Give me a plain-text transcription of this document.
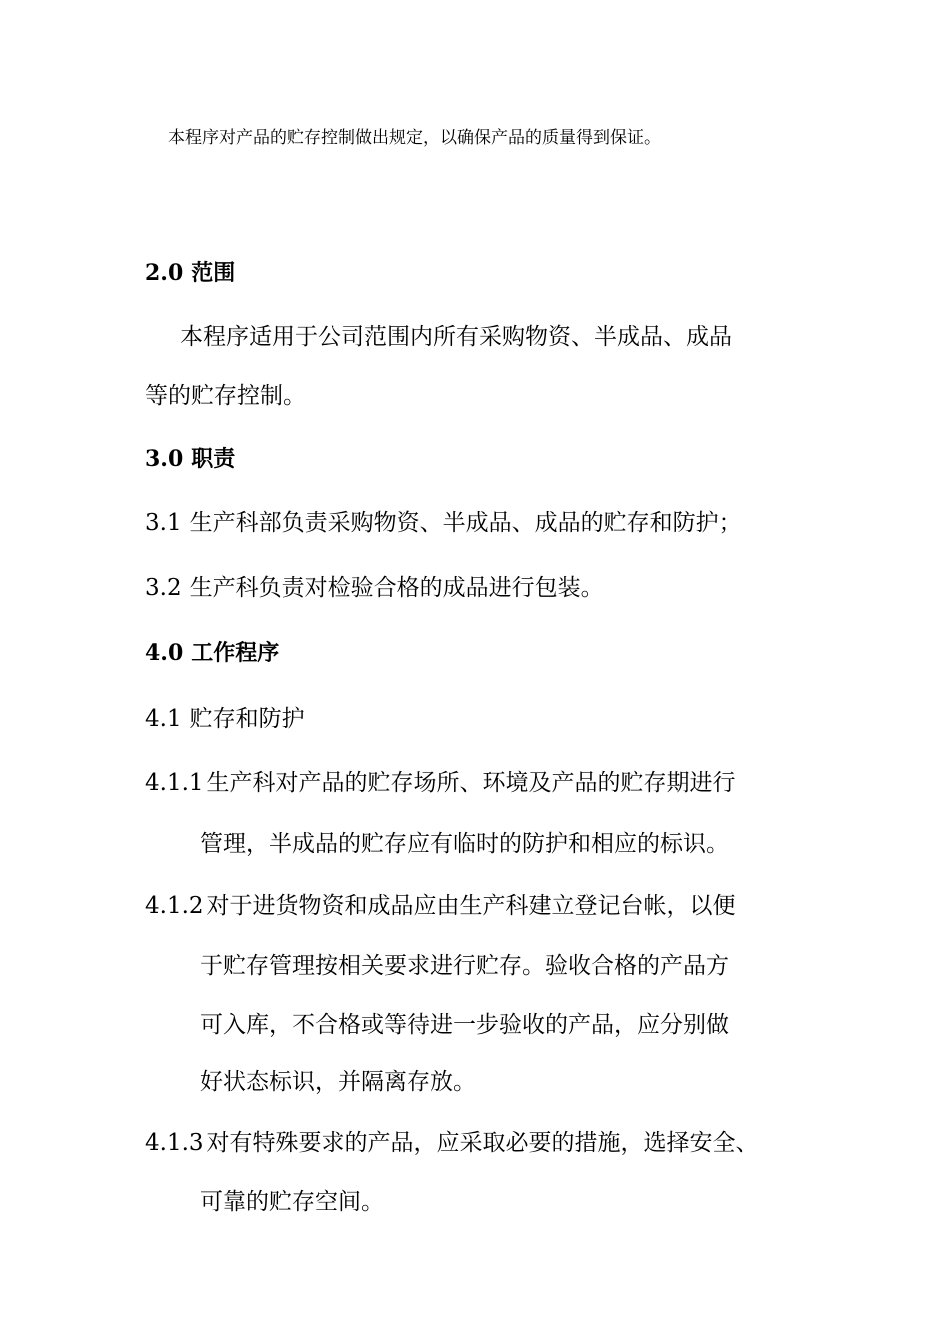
本程序对产品的贮存控制做出规定，以确保产品的质量得到保证。
2.0 范围
本程序适用于公司范围内所有采购物资、半成品、成品
等的贮存控制。
3.0 职责
3.1 生产科部负责采购物资、半成品、成品的贮存和防护；
3.2 生产科负责对检验合格的成品进行包装。
4.0 工作程序
4.1 贮存和防护
4.1.1 生产科对产品的贮存场所、环境及产品的贮存期进行
管理，半成品的贮存应有临时的防护和相应的标识。
4.1.2 对于进货物资和成品应由生产科建立登记台帐，以便
于贮存管理按相关要求进行贮存。验收合格的产品方
可入库，不合格或等待进一步验收的产品，应分别做
好状态标识，并隔离存放。
4.1.3 对有特殊要求的产品，应采取必要的措施，选择安全、
可靠的贮存空间。
